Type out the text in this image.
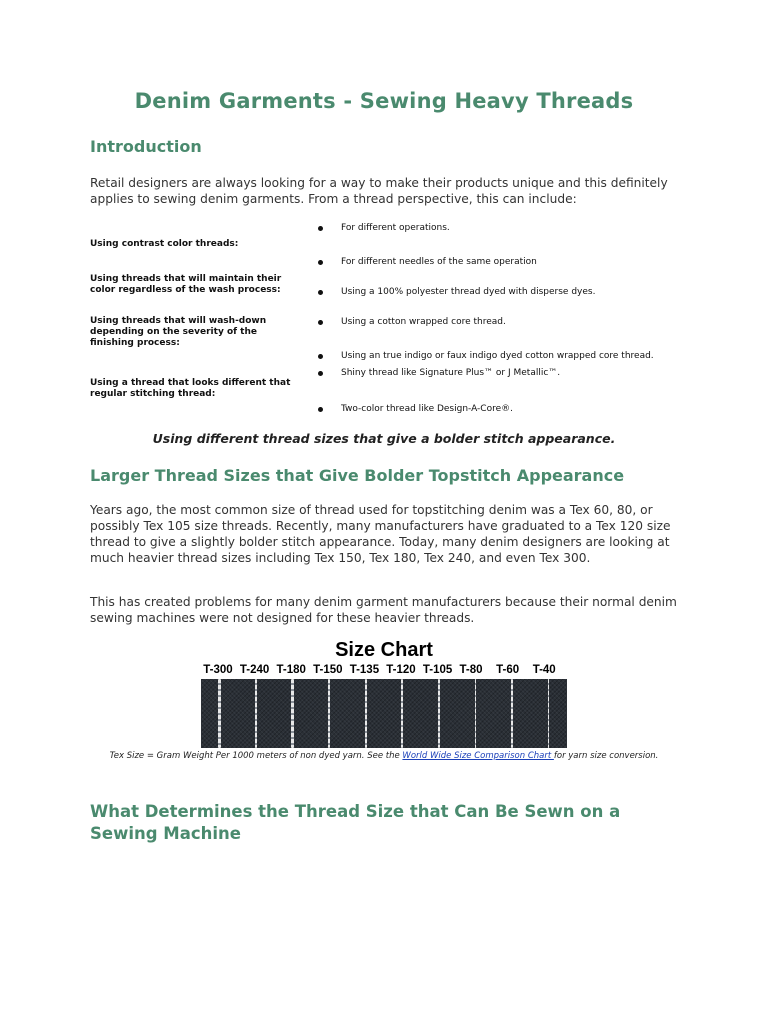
Denim Garments - Sewing Heavy Threads
Introduction
Retail designers are always looking for a way to make their products unique and this definitely applies to sewing denim garments. From a thread perspective, this can include:
Using contrast color threads:
Using threads that will maintain their color regardless of the wash process:
Using threads that will wash-down depending on the severity of the finishing process:
Using a thread that looks different that regular stitching thread:
For different operations.
For different needles of the same operation
Using a 100% polyester thread dyed with disperse dyes.
Using a cotton wrapped core thread.
Using an true indigo or faux indigo dyed cotton wrapped core thread.
Shiny thread like Signature Plus™ or J Metallic™.
Two-color thread like Design-A-Core®.
Using different thread sizes that give a bolder stitch appearance.
Larger Thread Sizes that Give Bolder Topstitch Appearance
Years ago, the most common size of thread used for topstitching denim was a Tex 60, 80, or possibly Tex 105 size threads. Recently, many manufacturers have graduated to a Tex 120 size thread to give a slightly bolder stitch appearance. Today, many denim designers are looking at much heavier thread sizes including Tex 150, Tex 180, Tex 240, and even Tex 300.
This has created problems for many denim garment manufacturers because their normal denim sewing machines were not designed for these heavier threads.
Size Chart
T-300 T-240 T-180 T-150 T-135 T-120 T-105 T-80 T-60 T-40
Tex Size = Gram Weight Per 1000 meters of non dyed yarn. See the World Wide Size Comparison Chart for yarn size conversion.
What Determines the Thread Size that Can Be Sewn on a Sewing Machine
